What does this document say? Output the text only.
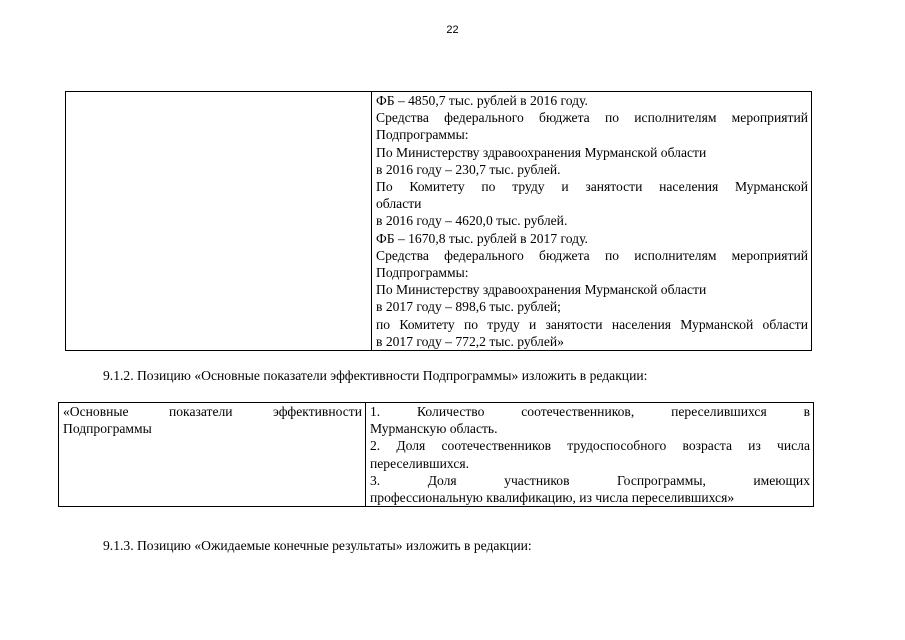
22

ФБ – 4850,7 тыс. рублей в 2016 году.
Средства федерального бюджета по исполнителям мероприятий
Подпрограммы:
По Министерству здравоохранения Мурманской области
в 2016 году – 230,7 тыс. рублей.
По Комитету по труду и занятости населения Мурманской
области
в 2016 году – 4620,0 тыс. рублей.
ФБ – 1670,8 тыс. рублей в 2017 году.
Средства федерального бюджета по исполнителям мероприятий
Подпрограммы:
По Министерству здравоохранения Мурманской области
в 2017 году – 898,6 тыс. рублей;
по Комитету по труду и занятости населения Мурманской области
в 2017 году – 772,2 тыс. рублей»
9.1.2. Позицию «Основные показатели эффективности Подпрограммы» изложить в редакции:
«Основные показатели эффективности
Подпрограммы

1. Количество соотечественников, переселившихся в
Мурманскую область.
2. Доля соотечественников трудоспособного возраста из числа
переселившихся.
3. Доля участников Госпрограммы, имеющих
профессиональную квалификацию, из числа переселившихся»
9.1.3. Позицию «Ожидаемые конечные результаты» изложить в редакции:
